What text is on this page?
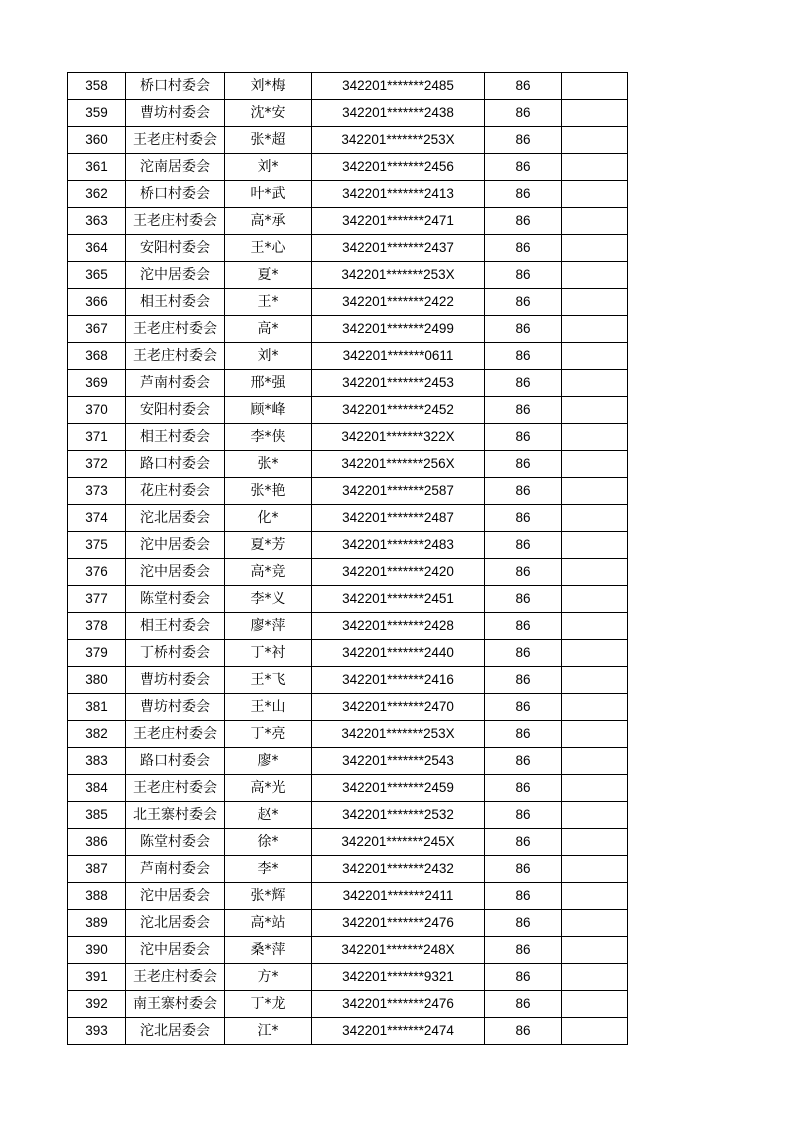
358	桥口村委会	刘*梅	342201*******2485	86	
359	曹坊村委会	沈*安	342201*******2438	86	
360	王老庄村委会	张*超	342201*******253X	86	
361	沱南居委会	刘*	342201*******2456	86	
362	桥口村委会	叶*武	342201*******2413	86	
363	王老庄村委会	高*承	342201*******2471	86	
364	安阳村委会	王*心	342201*******2437	86	
365	沱中居委会	夏*	342201*******253X	86	
366	相王村委会	王*	342201*******2422	86	
367	王老庄村委会	高*	342201*******2499	86	
368	王老庄村委会	刘*	342201*******0611	86	
369	芦南村委会	邢*强	342201*******2453	86	
370	安阳村委会	顾*峰	342201*******2452	86	
371	相王村委会	李*侠	342201*******322X	86	
372	路口村委会	张*	342201*******256X	86	
373	花庄村委会	张*艳	342201*******2587	86	
374	沱北居委会	化*	342201*******2487	86	
375	沱中居委会	夏*芳	342201*******2483	86	
376	沱中居委会	高*竞	342201*******2420	86	
377	陈堂村委会	李*义	342201*******2451	86	
378	相王村委会	廖*萍	342201*******2428	86	
379	丁桥村委会	丁*衬	342201*******2440	86	
380	曹坊村委会	王*飞	342201*******2416	86	
381	曹坊村委会	王*山	342201*******2470	86	
382	王老庄村委会	丁*亮	342201*******253X	86	
383	路口村委会	廖*	342201*******2543	86	
384	王老庄村委会	高*光	342201*******2459	86	
385	北王寨村委会	赵*	342201*******2532	86	
386	陈堂村委会	徐*	342201*******245X	86	
387	芦南村委会	李*	342201*******2432	86	
388	沱中居委会	张*辉	342201*******2411	86	
389	沱北居委会	高*站	342201*******2476	86	
390	沱中居委会	桑*萍	342201*******248X	86	
391	王老庄村委会	方*	342201*******9321	86	
392	南王寨村委会	丁*龙	342201*******2476	86	
393	沱北居委会	江*	342201*******2474	86	
